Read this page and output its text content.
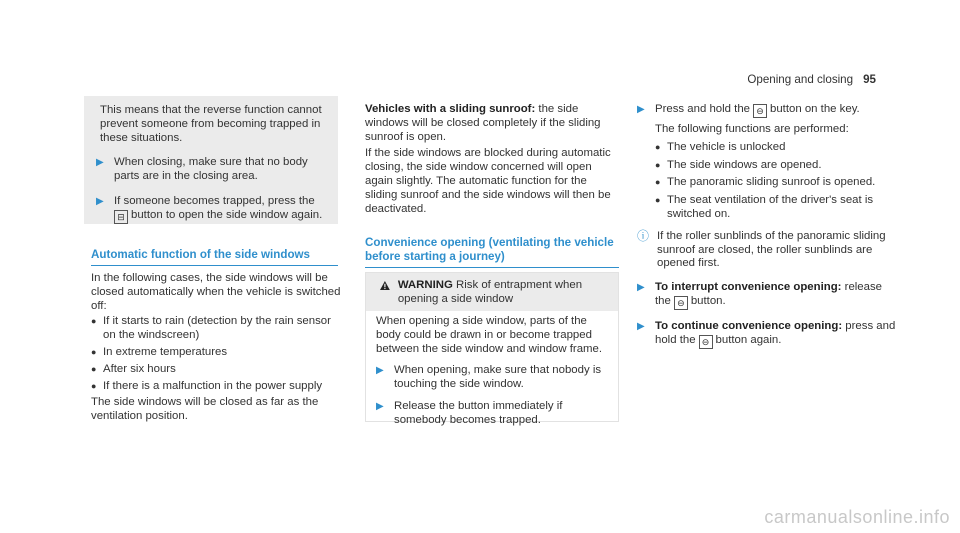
Opening and closing 95

This means that the reverse function cannot prevent someone from becoming trapped in these situations.

▶ When closing, make sure that no body parts are in the closing area.
▶ If someone becomes trapped, press the
⊟ button to open the side window again.
Automatic function of the side windows

In the following cases, the side windows will be closed automatically when the vehicle is switched off:

● If it starts to rain (detection by the rain sensor on the windscreen)
● In extreme temperatures
● After six hours
● If there is a malfunction in the power supply

The side windows will be closed as far as the ventilation position.

Vehicles with a sliding sunroof: the side windows will be closed completely if the sliding sunroof is open.

If the side windows are blocked during automatic closing, the side window concerned will open again slightly. The automatic function for the sliding sunroof and the side windows will then be deactivated.

Convenience opening (ventilating the vehicle before starting a journey)
WARNING Risk of entrapment when opening a side window

When opening a side window, parts of the body could be drawn in or become trapped between the side window and window frame.

▶ When opening, make sure that nobody is touching the side window.
▶ Release the button immediately if somebody becomes trapped.
▶ Press and hold the ⊖ button on the key.

The following functions are performed:

● The vehicle is unlocked
● The side windows are opened.
● The panoramic sliding sunroof is opened.
● The seat ventilation of the driver's seat is switched on.
ⓘ If the roller sunblinds of the panoramic sliding sunroof are closed, the roller sunblinds are opened first.
▶ To interrupt convenience opening: release the ⊖ button.
▶ To continue convenience opening: press and hold the ⊖ button again.
carmanualsonline.info
